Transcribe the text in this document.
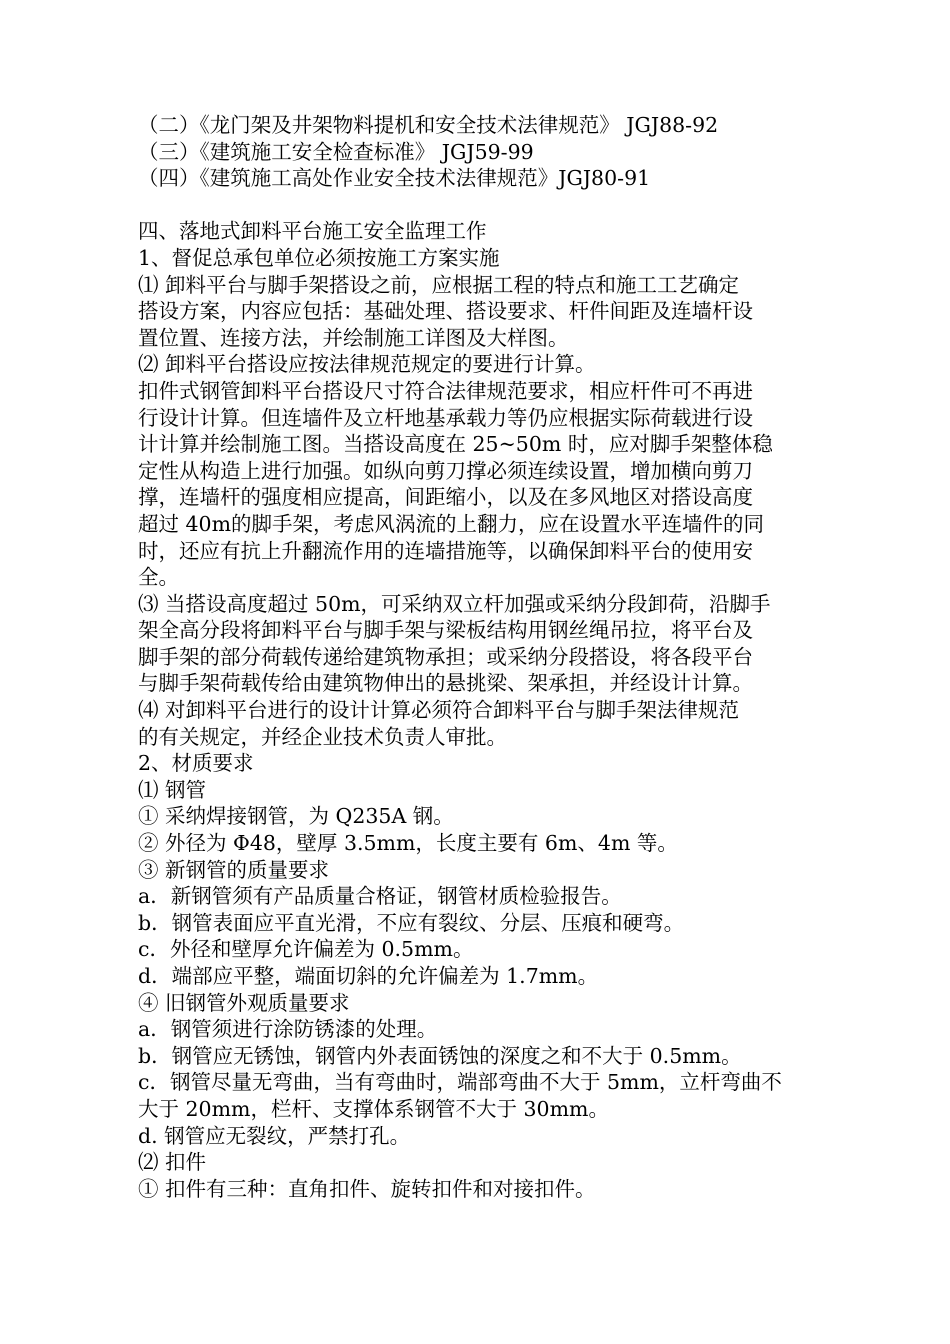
（二）《龙门架及井架物料提机和安全技术法律规范》 JGJ88-92
（三）《建筑施工安全检查标准》 JGJ59-99
（四）《建筑施工高处作业安全技术法律规范》JGJ80-91
四、落地式卸料平台施工安全监理工作
1、督促总承包单位必须按施工方案实施
⑴ 卸料平台与脚手架搭设之前，应根据工程的特点和施工工艺确定
搭设方案，内容应包括：基础处理、搭设要求、杆件间距及连墙杆设
置位置、连接方法，并绘制施工详图及大样图。
⑵ 卸料平台搭设应按法律规范规定的要进行计算。
扣件式钢管卸料平台搭设尺寸符合法律规范要求，相应杆件可不再进
行设计计算。但连墙件及立杆地基承载力等仍应根据实际荷载进行设
计计算并绘制施工图。当搭设高度在 25~50m 时，应对脚手架整体稳
定性从构造上进行加强。如纵向剪刀撑必须连续设置，增加横向剪刀
撑，连墙杆的强度相应提高，间距缩小，以及在多风地区对搭设高度
超过 40m的脚手架，考虑风涡流的上翻力，应在设置水平连墙件的同
时，还应有抗上升翻流作用的连墙措施等，以确保卸料平台的使用安
全。
⑶ 当搭设高度超过 50m，可采纳双立杆加强或采纳分段卸荷，沿脚手
架全高分段将卸料平台与脚手架与梁板结构用钢丝绳吊拉，将平台及
脚手架的部分荷载传递给建筑物承担；或采纳分段搭设，将各段平台
与脚手架荷载传给由建筑物伸出的悬挑梁、架承担，并经设计计算。
⑷ 对卸料平台进行的设计计算必须符合卸料平台与脚手架法律规范
的有关规定，并经企业技术负责人审批。
2、材质要求
⑴ 钢管
① 采纳焊接钢管，为 Q235A 钢。
② 外径为 Φ48，壁厚 3.5mm，长度主要有 6m、4m 等。
③ 新钢管的质量要求
a．新钢管须有产品质量合格证，钢管材质检验报告。
b．钢管表面应平直光滑，不应有裂纹、分层、压痕和硬弯。
c．外径和壁厚允许偏差为 0.5mm。
d．端部应平整，端面切斜的允许偏差为 1.7mm。
④ 旧钢管外观质量要求
a．钢管须进行涂防锈漆的处理。
b．钢管应无锈蚀，钢管内外表面锈蚀的深度之和不大于 0.5mm。
c．钢管尽量无弯曲，当有弯曲时，端部弯曲不大于 5mm，立杆弯曲不
大于 20mm，栏杆、支撑体系钢管不大于 30mm。
d. 钢管应无裂纹，严禁打孔。
⑵ 扣件
① 扣件有三种：直角扣件、旋转扣件和对接扣件。
